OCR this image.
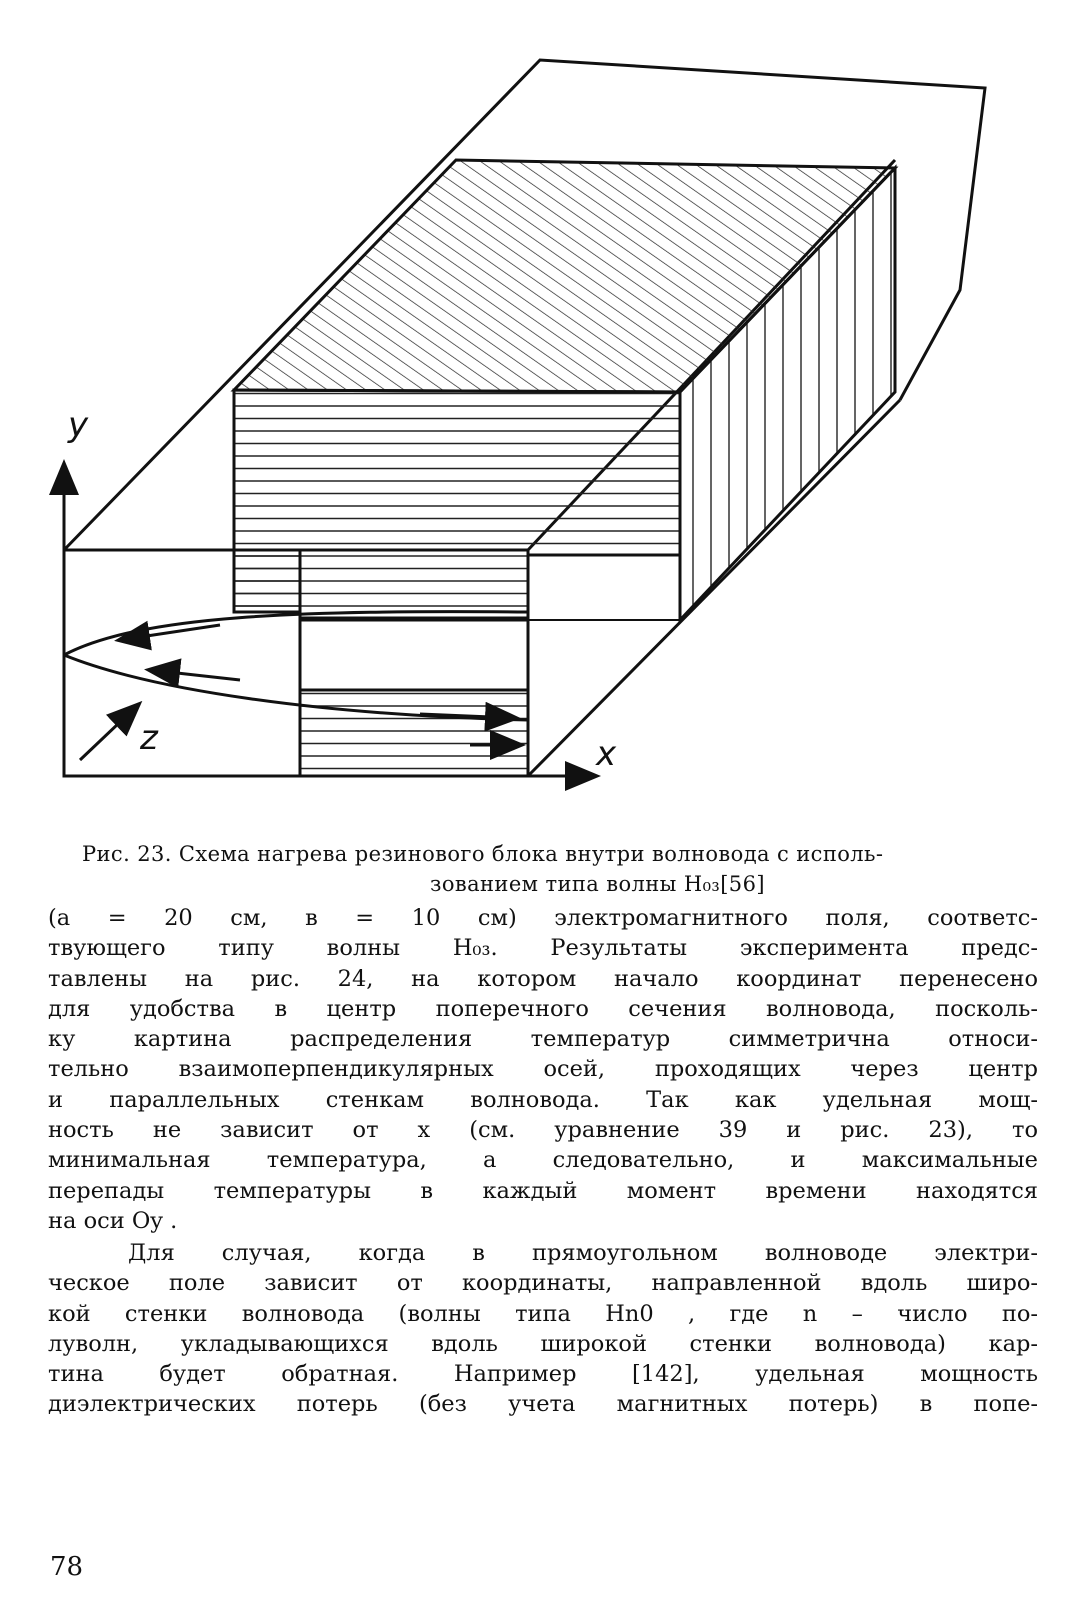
y
z	x
Рис. 23. Схема нагрева резинового блока внутри волновода с исполь-
зованием типа волны H₀₃[56]
(а = 20 см, в = 10 см) электромагнитного поля, соответс-
твующего типу волны H₀₃. Результаты эксперимента предс-
тавлены на рис. 24, на котором начало координат перенесено
для удобства в центр поперечного сечения волновода, посколь-
ку картина распределения температур симметрична относи-
тельно взаимоперпендикулярных осей, проходящих через центр
и параллельных стенкам волновода. Так как удельная мощ-
ность не зависит от x (см. уравнение 39 и рис. 23), то
минимальная температура, а следовательно, и максимальные
перепады температуры в каждый момент времени находятся
на оси Oy .
Для случая, когда в прямоугольном волноводе электри-
ческое поле зависит от координаты, направленной вдоль широ-
кой стенки волновода (волны типа Hn0 , где n – число по-
луволн, укладывающихся вдоль широкой стенки волновода) кар-
тина будет обратная. Например [142], удельная мощность
диэлектрических потерь (без учета магнитных потерь) в попе-
78
